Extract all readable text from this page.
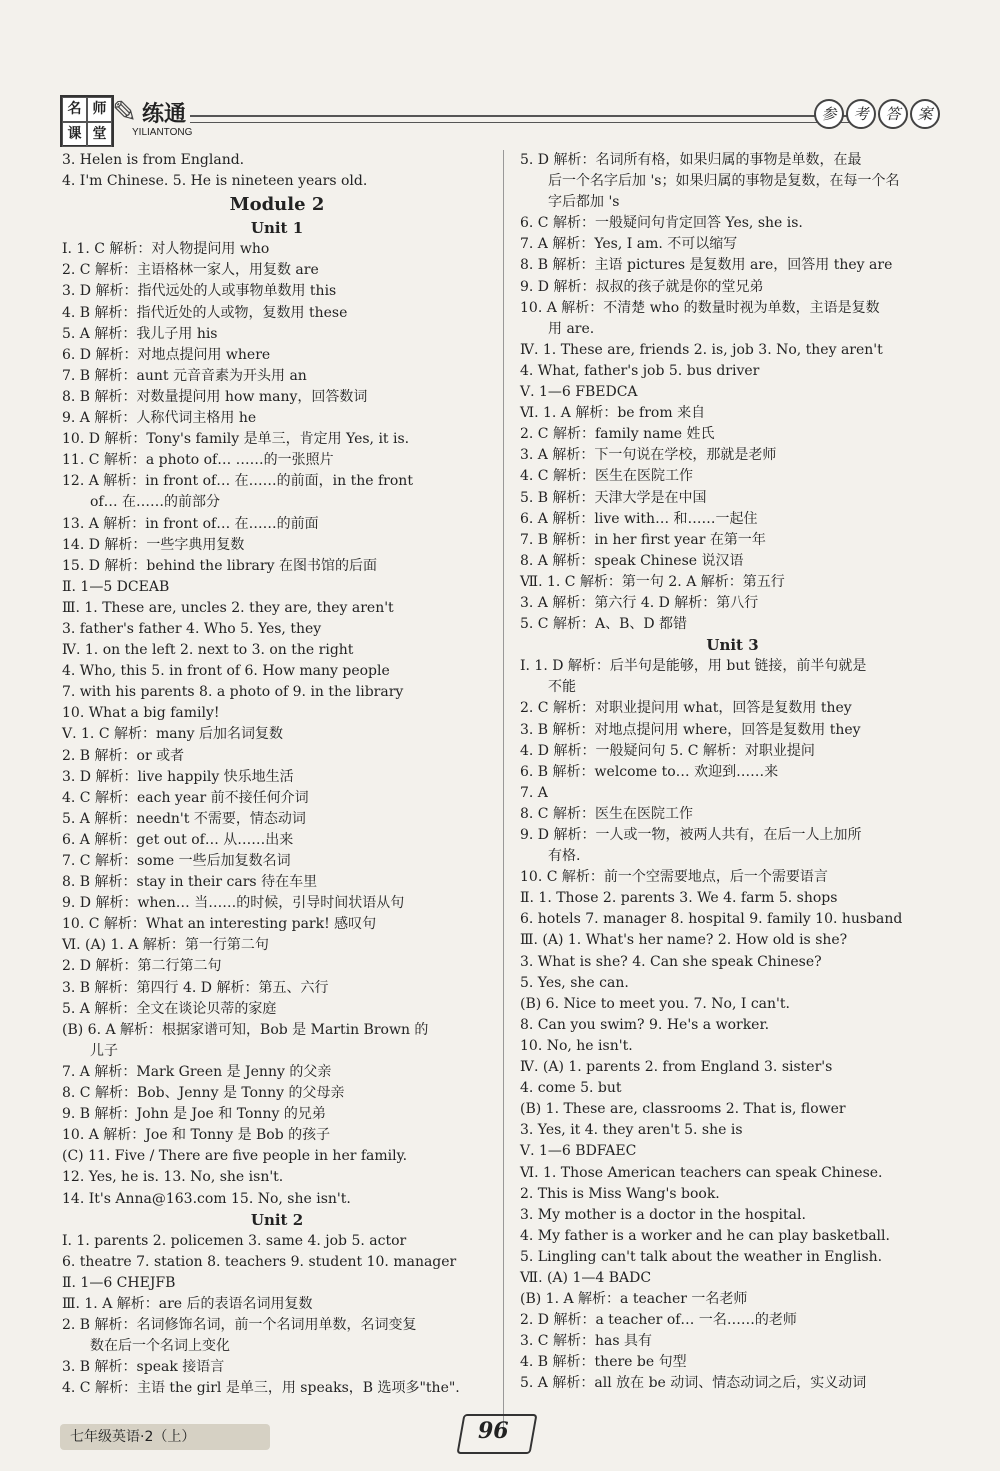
名 师
课 堂
✎ 练通
YILIANTONG
参	考	答	案
3. Helen is from England.
4. I'm Chinese. 5. He is nineteen years old.
Module 2
Unit 1
Ⅰ. 1. C 解析：对人物提问用 who
2. C 解析：主语格林一家人，用复数 are
3. D 解析：指代远处的人或事物单数用 this
4. B 解析：指代近处的人或物，复数用 these
5. A 解析：我儿子用 his
6. D 解析：对地点提问用 where
7. B 解析：aunt 元音音素为开头用 an
8. B 解析：对数量提问用 how many，回答数词
9. A 解析：人称代词主格用 he
10. D 解析：Tony's family 是单三，肯定用 Yes, it is.
11. C 解析：a photo of… ……的一张照片
12. A 解析：in front of… 在……的前面，in the front
of… 在……的前部分
13. A 解析：in front of… 在……的前面
14. D 解析：一些字典用复数
15. D 解析：behind the library 在图书馆的后面
Ⅱ. 1—5 DCEAB
Ⅲ. 1. These are, uncles 2. they are, they aren't
3. father's father 4. Who 5. Yes, they
Ⅳ. 1. on the left 2. next to 3. on the right
4. Who, this 5. in front of 6. How many people
7. with his parents 8. a photo of 9. in the library
10. What a big family!
Ⅴ. 1. C 解析：many 后加名词复数
2. B 解析：or 或者
3. D 解析：live happily 快乐地生活
4. C 解析：each year 前不接任何介词
5. A 解析：needn't 不需要，情态动词
6. A 解析：get out of… 从……出来
7. C 解析：some 一些后加复数名词
8. B 解析：stay in their cars 待在车里
9. D 解析：when… 当……的时候，引导时间状语从句
10. C 解析：What an interesting park! 感叹句
Ⅵ. (A) 1. A 解析：第一行第二句
2. D 解析：第二行第二句
3. B 解析：第四行 4. D 解析：第五、六行
5. A 解析：全文在谈论贝蒂的家庭
(B) 6. A 解析：根据家谱可知，Bob 是 Martin Brown 的
儿子
7. A 解析：Mark Green 是 Jenny 的父亲
8. C 解析：Bob、Jenny 是 Tonny 的父母亲
9. B 解析：John 是 Joe 和 Tonny 的兄弟
10. A 解析：Joe 和 Tonny 是 Bob 的孩子
(C) 11. Five / There are five people in her family.
12. Yes, he is. 13. No, she isn't.
14. It's Anna@163.com 15. No, she isn't.
Unit 2
Ⅰ. 1. parents 2. policemen 3. same 4. job 5. actor
6. theatre 7. station 8. teachers 9. student 10. manager
Ⅱ. 1—6 CHEJFB
Ⅲ. 1. A 解析：are 后的表语名词用复数
2. B 解析：名词修饰名词，前一个名词用单数，名词变复
数在后一个名词上变化
3. B 解析：speak 接语言
4. C 解析：主语 the girl 是单三，用 speaks，B 选项多"the".
5. D 解析：名词所有格，如果归属的事物是单数，在最
后一个名字后加 's；如果归属的事物是复数，在每一个名
字后都加 's
6. C 解析：一般疑问句肯定回答 Yes, she is.
7. A 解析：Yes, I am. 不可以缩写
8. B 解析：主语 pictures 是复数用 are，回答用 they are
9. D 解析：叔叔的孩子就是你的堂兄弟
10. A 解析：不清楚 who 的数量时视为单数，主语是复数
用 are.
Ⅳ. 1. These are, friends 2. is, job 3. No, they aren't
4. What, father's job 5. bus driver
Ⅴ. 1—6 FBEDCA
Ⅵ. 1. A 解析：be from 来自
2. C 解析：family name 姓氏
3. A 解析：下一句说在学校，那就是老师
4. C 解析：医生在医院工作
5. B 解析：天津大学是在中国
6. A 解析：live with… 和……一起住
7. B 解析：in her first year 在第一年
8. A 解析：speak Chinese 说汉语
Ⅶ. 1. C 解析：第一句 2. A 解析：第五行
3. A 解析：第六行 4. D 解析：第八行
5. C 解析：A、B、D 都错
Unit 3
Ⅰ. 1. D 解析：后半句是能够，用 but 链接，前半句就是
不能
2. C 解析：对职业提问用 what，回答是复数用 they
3. B 解析：对地点提问用 where，回答是复数用 they
4. D 解析：一般疑问句 5. C 解析：对职业提问
6. B 解析：welcome to… 欢迎到……来
7. A
8. C 解析：医生在医院工作
9. D 解析：一人或一物，被两人共有，在后一人上加所
有格.
10. C 解析：前一个空需要地点，后一个需要语言
Ⅱ. 1. Those 2. parents 3. We 4. farm 5. shops
6. hotels 7. manager 8. hospital 9. family 10. husband
Ⅲ. (A) 1. What's her name? 2. How old is she?
3. What is she? 4. Can she speak Chinese?
5. Yes, she can.
(B) 6. Nice to meet you. 7. No, I can't.
8. Can you swim? 9. He's a worker.
10. No, he isn't.
Ⅳ. (A) 1. parents 2. from England 3. sister's
4. come 5. but
(B) 1. These are, classrooms 2. That is, flower
3. Yes, it 4. they aren't 5. she is
Ⅴ. 1—6 BDFAEC
Ⅵ. 1. Those American teachers can speak Chinese.
2. This is Miss Wang's book.
3. My mother is a doctor in the hospital.
4. My father is a worker and he can play basketball.
5. Lingling can't talk about the weather in English.
Ⅶ. (A) 1—4 BADC
(B) 1. A 解析：a teacher 一名老师
2. D 解析：a teacher of… 一名……的老师
3. C 解析：has 具有
4. B 解析：there be 句型
5. A 解析：all 放在 be 动词、情态动词之后，实义动词
七年级英语·2（上）	96
